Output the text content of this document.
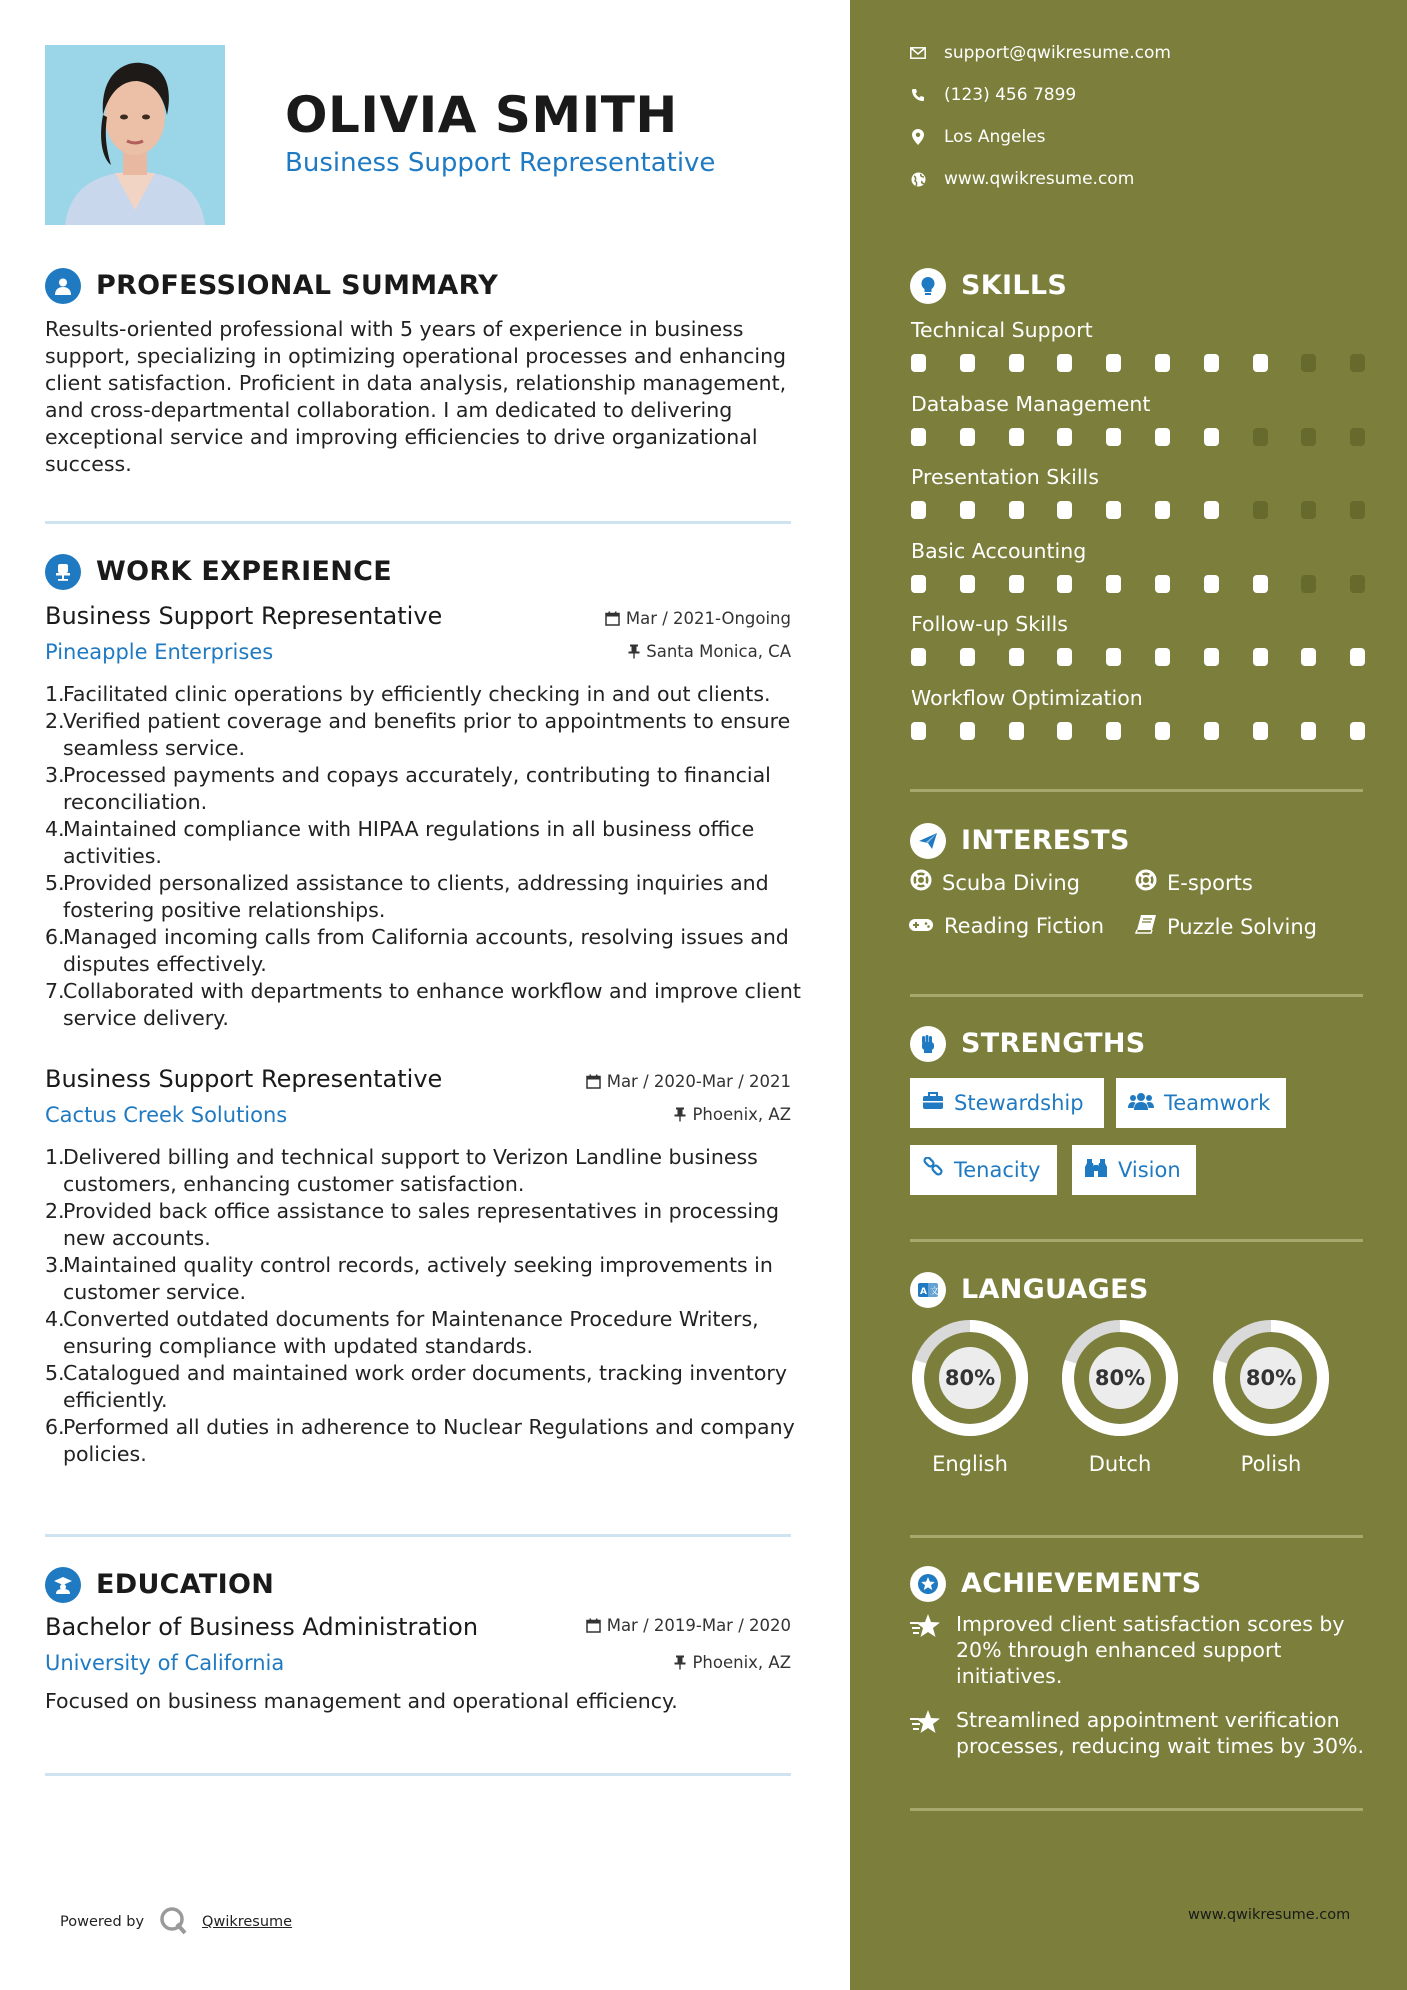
OLIVIA SMITH
Business Support Representative
PROFESSIONAL SUMMARY
Results-oriented professional with 5 years of experience in business support, specializing in optimizing operational processes and enhancing client satisfaction. Proficient in data analysis, relationship management, and cross-departmental collaboration. I am dedicated to delivering exceptional service and improving efficiencies to drive organizational success.
WORK EXPERIENCE
Business Support Representative	Mar / 2021-Ongoing
Pineapple Enterprises	Santa Monica, CA
1.
Facilitated clinic operations by efficiently checking in and out clients.
2.
Verified patient coverage and benefits prior to appointments to ensure seamless service.
3.
Processed payments and copays accurately, contributing to financial reconciliation.
4.
Maintained compliance with HIPAA regulations in all business office activities.
5.
Provided personalized assistance to clients, addressing inquiries and fostering positive relationships.
6.
Managed incoming calls from California accounts, resolving issues and disputes effectively.
7.
Collaborated with departments to enhance workflow and improve client service delivery.
Business Support Representative	Mar / 2020-Mar / 2021
Cactus Creek Solutions	Phoenix, AZ
1.
Delivered billing and technical support to Verizon Landline business customers, enhancing customer satisfaction.
2.
Provided back office assistance to sales representatives in processing new accounts.
3.
Maintained quality control records, actively seeking improvements in customer service.
4.
Converted outdated documents for Maintenance Procedure Writers, ensuring compliance with updated standards.
5.
Catalogued and maintained work order documents, tracking inventory efficiently.
6.
Performed all duties in adherence to Nuclear Regulations and company policies.
EDUCATION
Bachelor of Business Administration	Mar / 2019-Mar / 2020
University of California	Phoenix, AZ
Focused on business management and operational efficiency.
Powered by	Qwikresume
support@qwikresume.com
(123) 456 7899
Los Angeles
www.qwikresume.com
SKILLS
Technical Support
Database Management
Presentation Skills
Basic Accounting
Follow-up Skills
Workflow Optimization
INTERESTS
Scuba Diving	E-sports
Reading Fiction	Puzzle Solving
STRENGTHS
Stewardship	Teamwork
Tenacity	Vision
A 文 LANGUAGES
80%
English
80%
Dutch
80%
Polish
ACHIEVEMENTS
Improved client satisfaction scores by 20% through enhanced support initiatives.
Streamlined appointment verification processes, reducing wait times by 30%.
www.qwikresume.com
